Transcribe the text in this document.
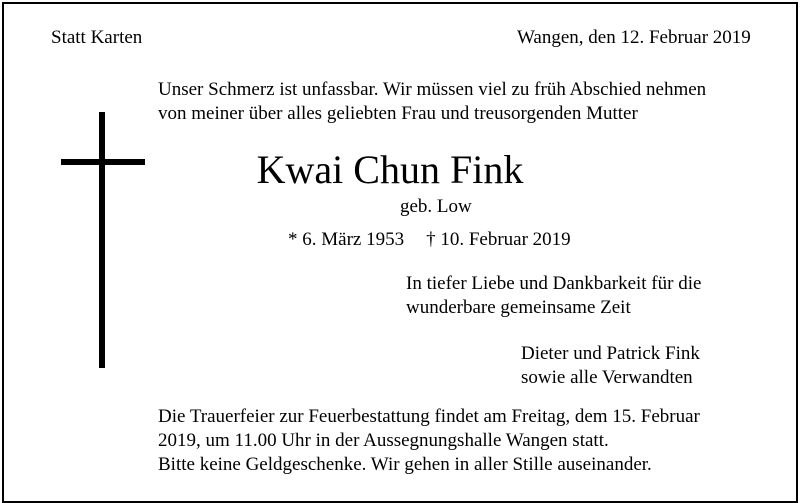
Statt Karten	Wangen, den 12. Februar 2019
Unser Schmerz ist unfassbar. Wir müssen viel zu früh Abschied nehmen
von meiner über alles geliebten Frau und treusorgenden Mutter
Kwai Chun Fink
geb. Low
* 6. März 1953 † 10. Februar 2019
In tiefer Liebe und Dankbarkeit für die
wunderbare gemeinsame Zeit
Dieter und Patrick Fink
sowie alle Verwandten
Die Trauerfeier zur Feuerbestattung findet am Freitag, dem 15. Februar
2019, um 11.00 Uhr in der Aussegnungshalle Wangen statt.
Bitte keine Geldgeschenke. Wir gehen in aller Stille auseinander.
